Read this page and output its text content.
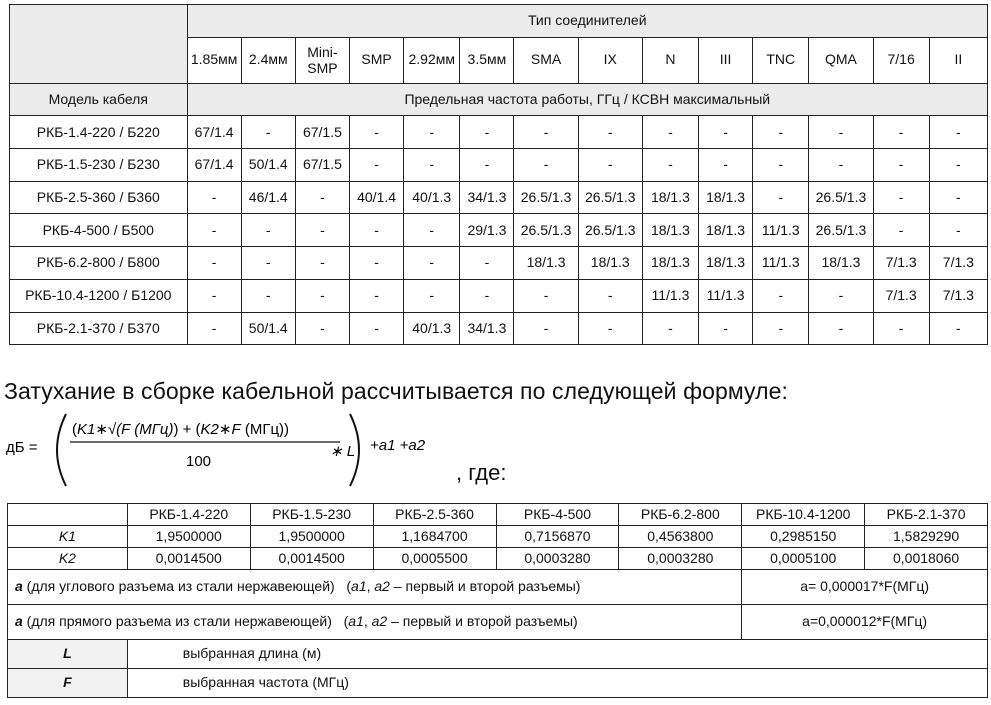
	Тип соединителей													
	1.85мм	2.4мм	Mini-SMP	SMP	2.92мм	3.5мм	SMA	IX	N	III	TNC	QMA	7/16	II
Модель кабеля	Предельная частота работы, ГГц / КСВН максимальный													
РКБ-1.4-220 / Б220	67/1.4	-	67/1.5	-	-	-	-	-	-	-	-	-	-	-
РКБ-1.5-230 / Б230	67/1.4	50/1.4	67/1.5	-	-	-	-	-	-	-	-	-	-	-
РКБ-2.5-360 / Б360	-	46/1.4	-	40/1.4	40/1.3	34/1.3	26.5/1.3	26.5/1.3	18/1.3	18/1.3	-	26.5/1.3	-	-
РКБ-4-500 / Б500	-	-	-	-	-	29/1.3	26.5/1.3	26.5/1.3	18/1.3	18/1.3	11/1.3	26.5/1.3	-	-
РКБ-6.2-800 / Б800	-	-	-	-	-	-	18/1.3	18/1.3	18/1.3	18/1.3	11/1.3	18/1.3	7/1.3	7/1.3
РКБ-10.4-1200 / Б1200	-	-	-	-	-	-	-	-	11/1.3	11/1.3	-	-	7/1.3	7/1.3
РКБ-2.1-370 / Б370	-	50/1.4	-	-	40/1.3	34/1.3	-	-	-	-	-	-	-	-
Затухание в сборке кабельной рассчитывается по следующей формуле:
дБ =
(K1∗√(F (МГц)) + (K2∗F (МГц))
100
∗ L +a1 +a2
, где:
	РКБ-1.4-220	РКБ-1.5-230	РКБ-2.5-360	РКБ-4-500	РКБ-6.2-800	РКБ-10.4-1200	РКБ-2.1-370
K1	1,9500000	1,9500000	1,1684700	0,7156870	0,4563800	0,2985150	1,5829290
K2	0,0014500	0,0014500	0,0005500	0,0003280	0,0003280	0,0005100	0,0018060
a (для углового разъема из стали нержавеющей) (a1, a2 – первый и второй разъемы)						a= 0,000017*F(МГц)	
a (для прямого разъема из стали нержавеющей) (a1, a2 – первый и второй разъемы)						a=0,000012*F(МГц)	
L	выбранная длина (м)						
F	выбранная частота (МГц)						
